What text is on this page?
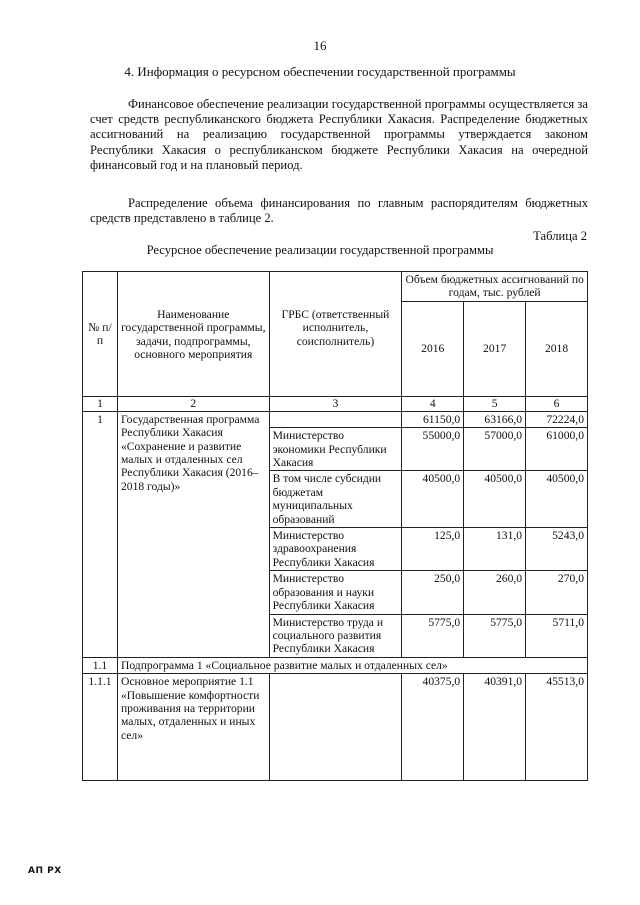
16
4. Информация о ресурсном обеспечении государственной программы

Финансовое обеспечение реализации государственной программы осуществляется за счет средств республиканского бюджета Республики Хакасия. Распределение бюджетных ассигнований на реализацию государственной программы утверждается законом Республики Хакасия о республиканском бюджете Республики Хакасия на очередной финансовый год и на плановый период.

Распределение объема финансирования по главным распорядителям бюджетных средств представлено в таблице 2.

Таблица 2
Ресурсное обеспечение реализации государственной программы
№ п/п	Наименование государственной программы, задачи, подпрограммы, основного мероприятия	ГРБС (ответственный исполнитель, соисполнитель)	Объем бюджетных ассигнований по годам, тыс. рублей		
			2016	2017	2018
1	2	3	4	5	6
1	Государственная программа Республики Хакасия «Сохранение и развитие малых и отдаленных сел Республики Хакасия (2016–2018 годы)»		61150,0	63166,0	72224,0
		Министерство экономики Республики Хакасия	55000,0	57000,0	61000,0
		В том числе субсидии бюджетам муниципальных образований	40500,0	40500,0	40500,0
		Министерство здравоохранения Республики Хакасия	125,0	131,0	5243,0
		Министерство образования и науки Республики Хакасия	250,0	260,0	270,0
		Министерство труда и социального развития Республики Хакасия	5775,0	5775,0	5711,0
1.1	Подпрограмма 1 «Социальное развитие малых и отдаленных сел»				
1.1.1	Основное мероприятие 1.1 «Повышение комфортности проживания на территории малых, отдаленных и иных сел»		40375,0	40391,0	45513,0
АП РХ
